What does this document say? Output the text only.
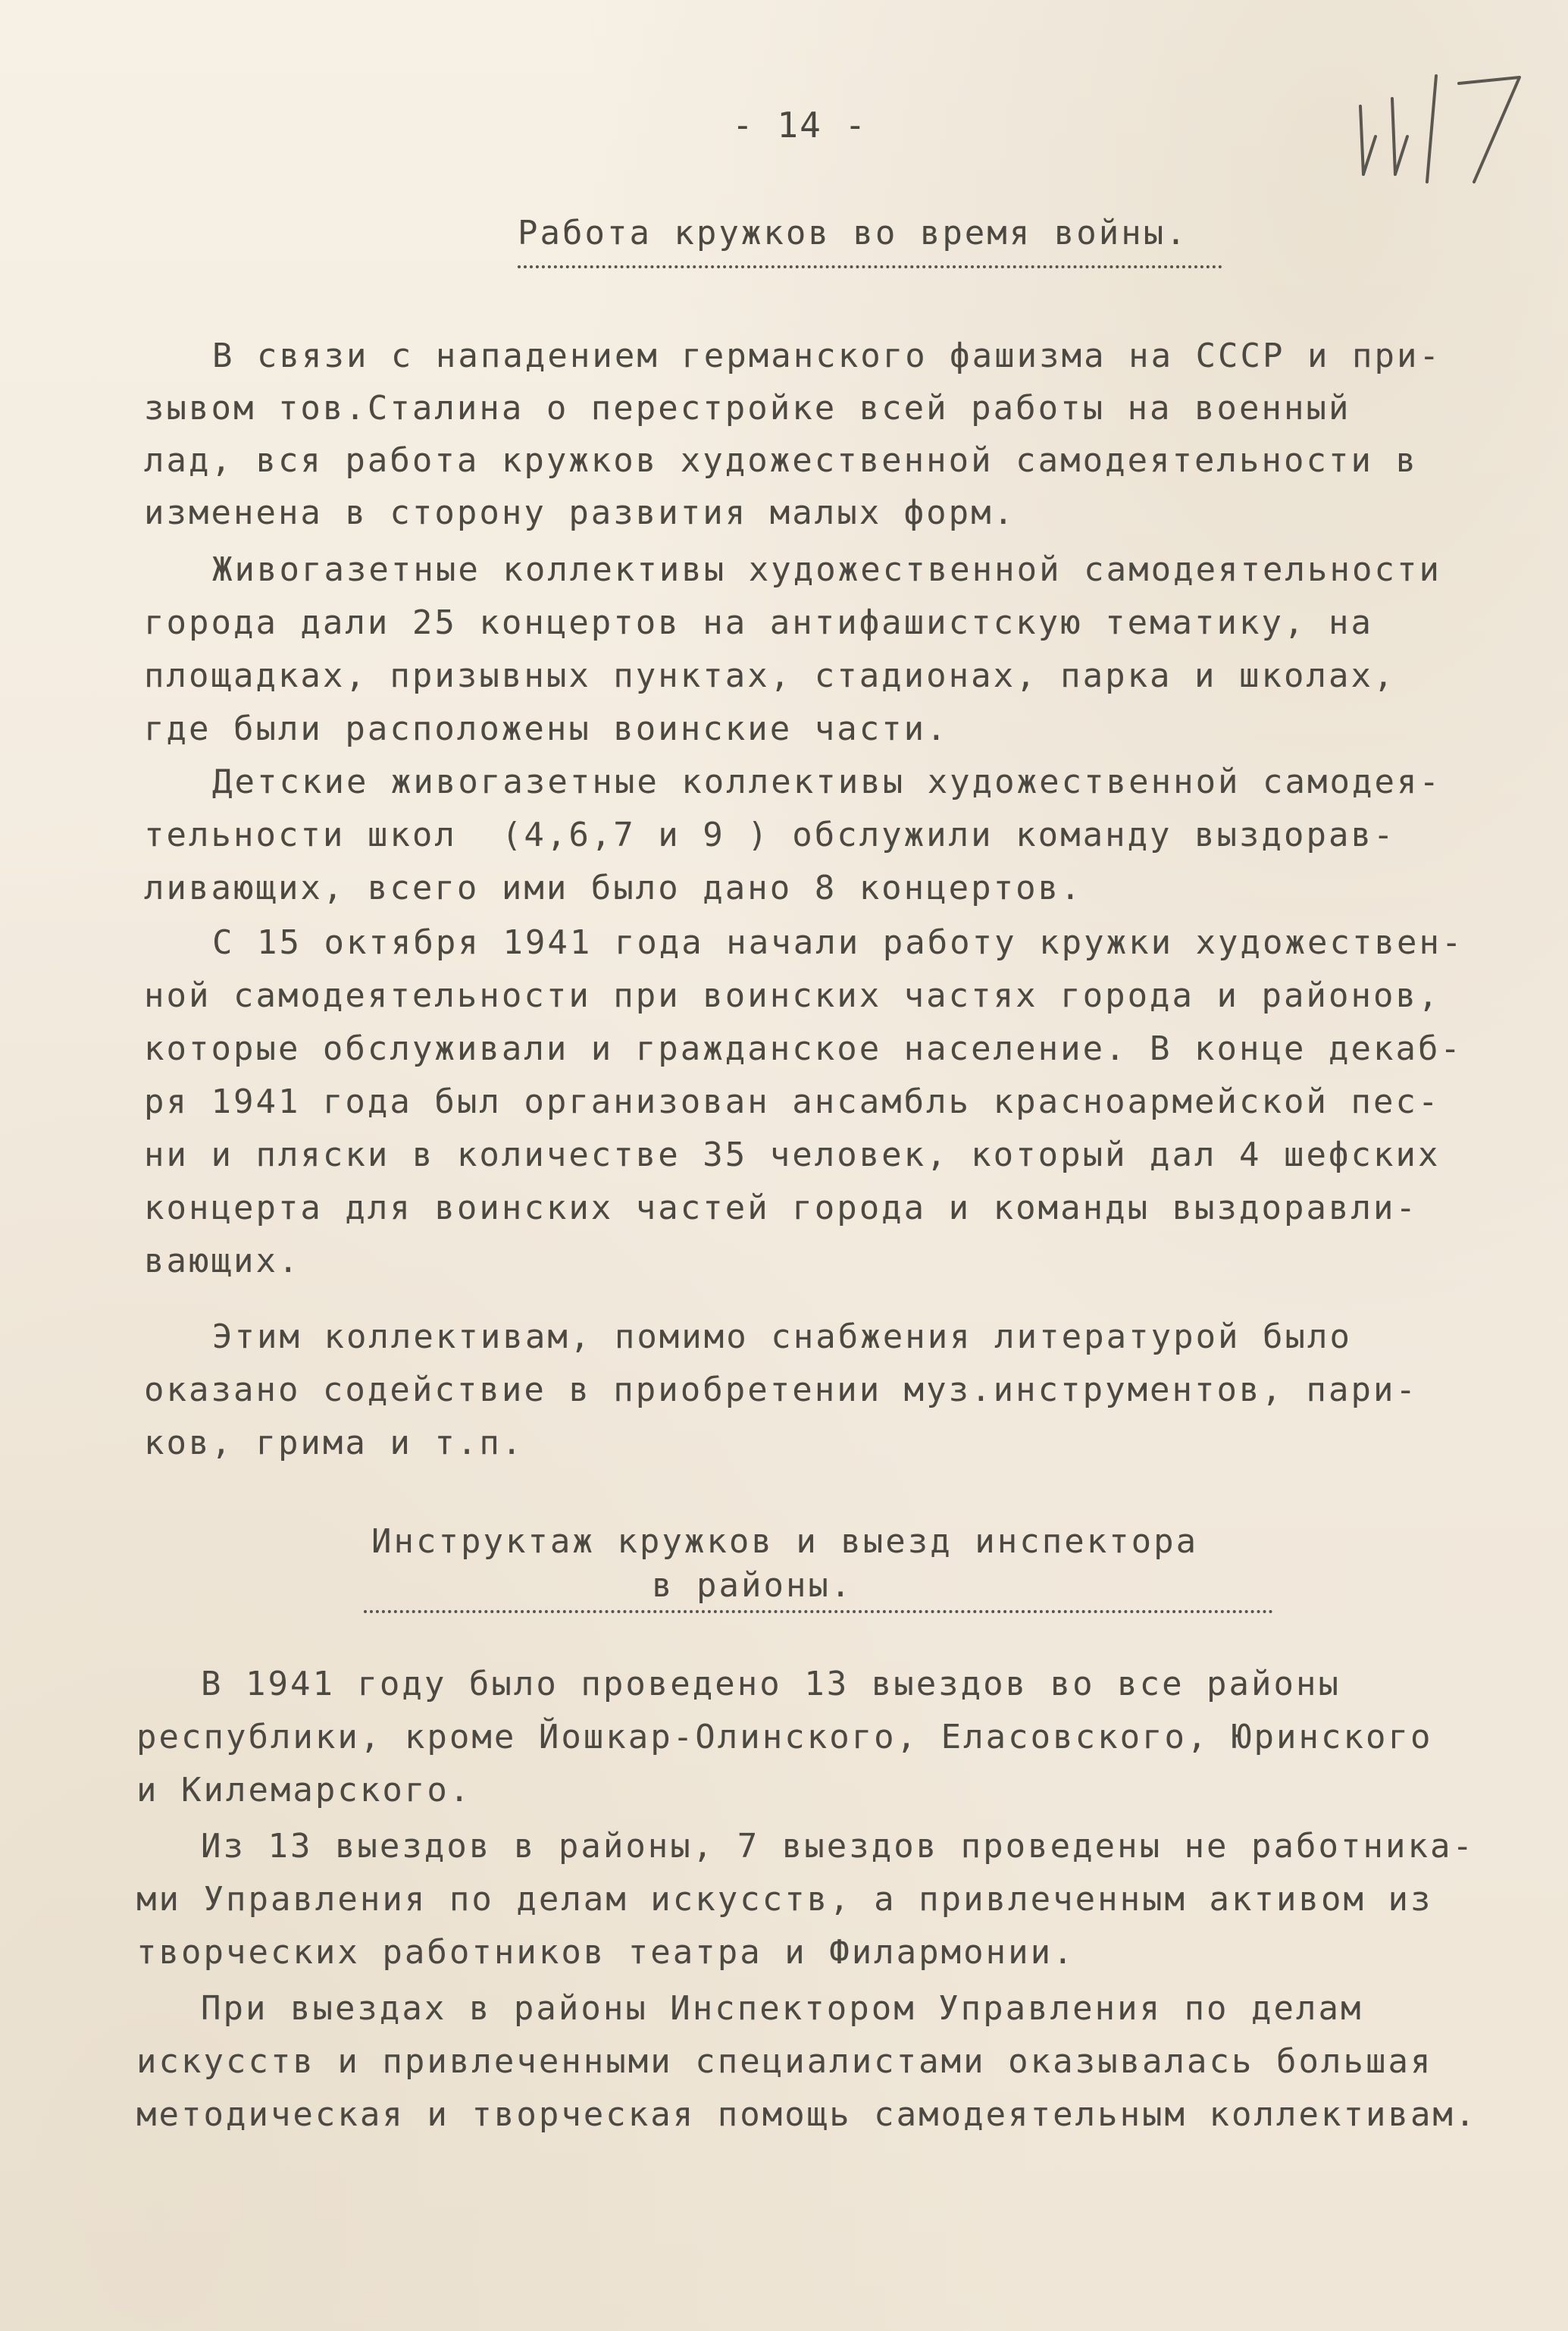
- 14 -
Работа кружков во время войны.
В связи с нападением германского фашизма на СССР и при-
зывом тов.Сталина о перестройке всей работы на военный
лад, вся работа кружков художественной самодеятельности в
изменена в сторону развития малых форм.
Живогазетные коллективы художественной самодеятельности
города дали 25 концертов на антифашистскую тематику, на
площадках, призывных пунктах, стадионах, парка и школах,
где были расположены воинские части.
Детские живогазетные коллективы художественной самодея-
тельности школ  (4,6,7 и 9 ) обслужили команду выздорав-
ливающих, всего ими было дано 8 концертов.
С 15 октября 1941 года начали работу кружки художествен-
ной самодеятельности при воинских частях города и районов,
которые обслуживали и гражданское население. В конце декаб-
ря 1941 года был организован ансамбль красноармейской пес-
ни и пляски в количестве 35 человек, который дал 4 шефских
концерта для воинских частей города и команды выздоравли-
вающих.
Этим коллективам, помимо снабжения литературой было
оказано содействие в приобретении муз.инструментов, пари-
ков, грима и т.п.
Инструктаж кружков и выезд инспектора
в районы.
В 1941 году было проведено 13 выездов во все районы
республики, кроме Йошкар-Олинского, Еласовского, Юринского
и Килемарского.
Из 13 выездов в районы, 7 выездов проведены не работника-
ми Управления по делам искусств, а привлеченным активом из
творческих работников театра и Филармонии.
При выездах в районы Инспектором Управления по делам
искусств и привлеченными специалистами оказывалась большая
методическая и творческая помощь самодеятельным коллективам.
